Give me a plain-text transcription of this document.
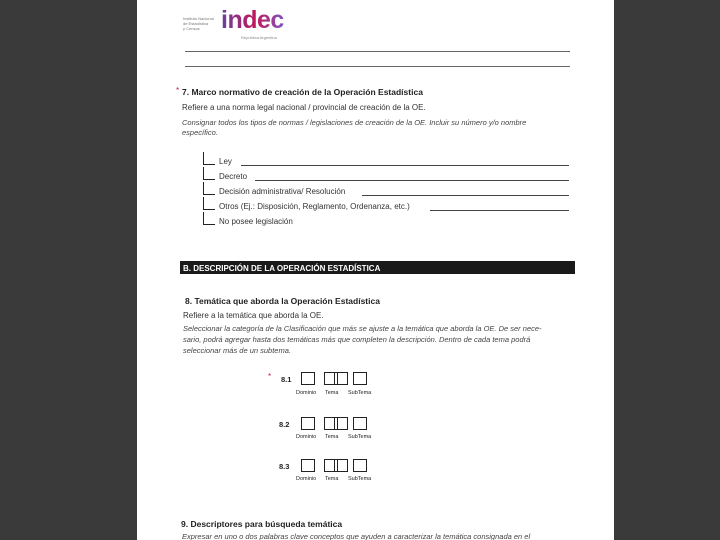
Instituto Nacional
de Estadística
y Censos indec
República Argentina
* 7. Marco normativo de creación de la Operación Estadística
Refiere a una norma legal nacional / provincial de creación de la OE.
Consignar todos los tipos de normas / legislaciones de creación de la OE. Incluir su número y/o nombre
específico.
Ley
Decreto
Decisión administrativa/ Resolución
Otros (Ej.: Disposición, Reglamento, Ordenanza, etc.)
No posee legislación
B. DESCRIPCIÓN DE LA OPERACIÓN ESTADÍSTICA
8. Temática que aborda la Operación Estadística
Refiere a la temática que aborda la OE.
Seleccionar la categoría de la Clasificación que más se ajuste a la temática que aborda la OE. De ser nece-
sario, podrá agregar hasta dos temáticas más que completen la descripción. Dentro de cada tema podrá
seleccionar más de un subtema.
* 8.1
Dominio Tema SubTema
8.2
Dominio Tema SubTema
8.3
Dominio Tema SubTema
9. Descriptores para búsqueda temática
Expresar en uno o dos palabras clave conceptos que ayuden a caracterizar la temática consignada en el
